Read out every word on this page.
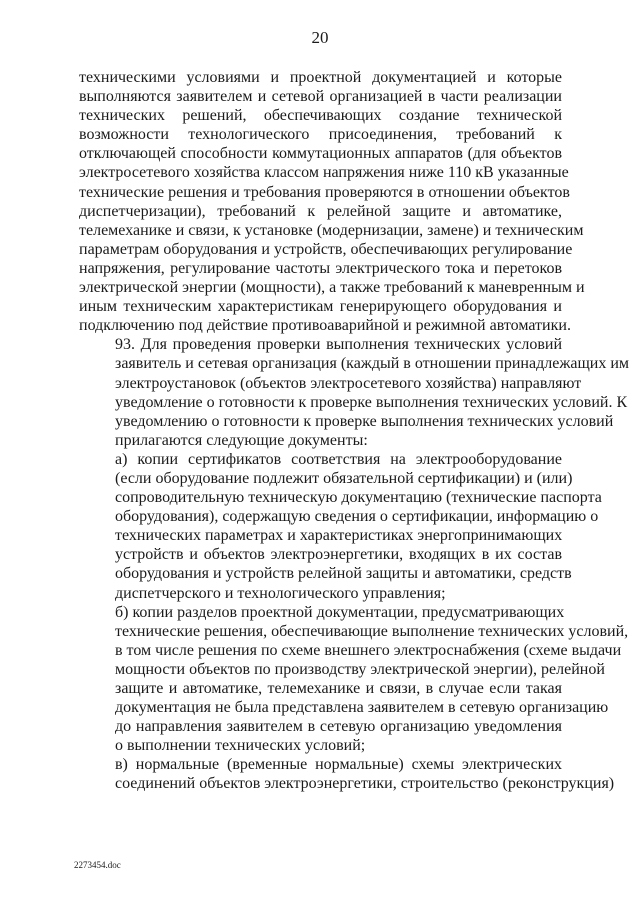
20

техническими условиями и проектной документацией и которые
выполняются заявителем и сетевой организацией в части реализации
технических решений, обеспечивающих создание технической
возможности технологического присоединения, требований к
отключающей способности коммутационных аппаратов (для объектов
электросетевого хозяйства классом напряжения ниже 110 кВ указанные
технические решения и требования проверяются в отношении объектов
диспетчеризации), требований к релейной защите и автоматике,
телемеханике и связи, к установке (модернизации, замене) и техническим
параметрам оборудования и устройств, обеспечивающих регулирование
напряжения, регулирование частоты электрического тока и перетоков
электрической энергии (мощности), а также требований к маневренным и
иным техническим характеристикам генерирующего оборудования и
подключению под действие противоаварийной и режимной автоматики.

93. Для проведения проверки выполнения технических условий
заявитель и сетевая организация (каждый в отношении принадлежащих им
электроустановок (объектов электросетевого хозяйства) направляют
уведомление о готовности к проверке выполнения технических условий. К
уведомлению о готовности к проверке выполнения технических условий
прилагаются следующие документы:

а) копии сертификатов соответствия на электрооборудование
(если оборудование подлежит обязательной сертификации) и (или)
сопроводительную техническую документацию (технические паспорта
оборудования), содержащую сведения о сертификации, информацию о
технических параметрах и характеристиках энергопринимающих
устройств и объектов электроэнергетики, входящих в их состав
оборудования и устройств релейной защиты и автоматики, средств
диспетчерского и технологического управления;

б) копии разделов проектной документации, предусматривающих
технические решения, обеспечивающие выполнение технических условий,
в том числе решения по схеме внешнего электроснабжения (схеме выдачи
мощности объектов по производству электрической энергии), релейной
защите и автоматике, телемеханике и связи, в случае если такая
документация не была представлена заявителем в сетевую организацию
до направления заявителем в сетевую организацию уведомления
о выполнении технических условий;

в) нормальные (временные нормальные) схемы электрических
соединений объектов электроэнергетики, строительство (реконструкция)

2273454.doc
